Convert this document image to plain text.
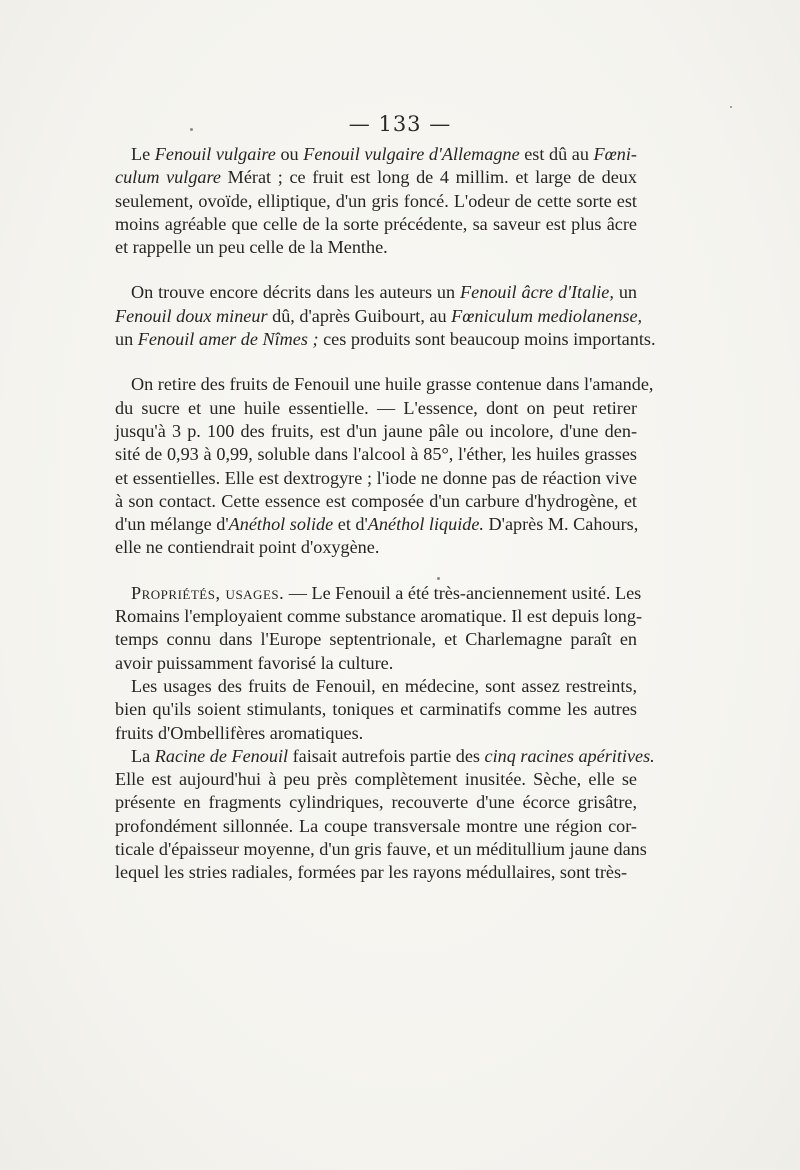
— 133 —
Le Fenouil vulgaire ou Fenouil vulgaire d'Allemagne est dû au Fœni-
culum vulgare Mérat ; ce fruit est long de 4 millim. et large de deux
seulement, ovoïde, elliptique, d'un gris foncé. L'odeur de cette sorte est
moins agréable que celle de la sorte précédente, sa saveur est plus âcre
et rappelle un peu celle de la Menthe.
On trouve encore décrits dans les auteurs un Fenouil âcre d'Italie, un
Fenouil doux mineur dû, d'après Guibourt, au Fœniculum mediolanense,
un Fenouil amer de Nîmes ; ces produits sont beaucoup moins importants.
On retire des fruits de Fenouil une huile grasse contenue dans l'amande,
du sucre et une huile essentielle. — L'essence, dont on peut retirer
jusqu'à 3 p. 100 des fruits, est d'un jaune pâle ou incolore, d'une den-
sité de 0,93 à 0,99, soluble dans l'alcool à 85°, l'éther, les huiles grasses
et essentielles. Elle est dextrogyre ; l'iode ne donne pas de réaction vive
à son contact. Cette essence est composée d'un carbure d'hydrogène, et
d'un mélange d'Anéthol solide et d'Anéthol liquide. D'après M. Cahours,
elle ne contiendrait point d'oxygène.
Propriétés, usages. — Le Fenouil a été très-anciennement usité. Les
Romains l'employaient comme substance aromatique. Il est depuis long-
temps connu dans l'Europe septentrionale, et Charlemagne paraît en
avoir puissamment favorisé la culture.
Les usages des fruits de Fenouil, en médecine, sont assez restreints,
bien qu'ils soient stimulants, toniques et carminatifs comme les autres
fruits d'Ombellifères aromatiques.
La Racine de Fenouil faisait autrefois partie des cinq racines apéritives.
Elle est aujourd'hui à peu près complètement inusitée. Sèche, elle se
présente en fragments cylindriques, recouverte d'une écorce grisâtre,
profondément sillonnée. La coupe transversale montre une région cor-
ticale d'épaisseur moyenne, d'un gris fauve, et un méditullium jaune dans
lequel les stries radiales, formées par les rayons médullaires, sont très-
